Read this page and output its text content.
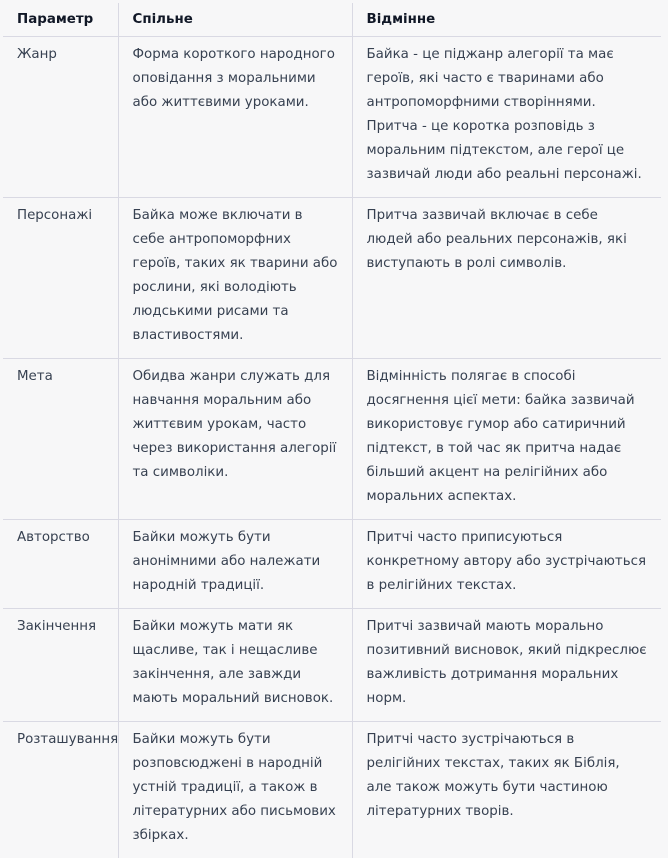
Параметр	Спільне	Відмінне
Жанр	Форма короткого народного оповідання з моральними або життєвими уроками.	Байка - це піджанр алегорії та має героїв, які часто є тваринами або антропоморфними створіннями. Притча - це коротка розповідь з моральним підтекстом, але герої це зазвичай люди або реальні персонажі.
Персонажі	Байка може включати в себе антропоморфних героїв, таких як тварини або рослини, які володіють людськими рисами та властивостями.	Притча зазвичай включає в себе людей або реальних персонажів, які виступають в ролі символів.
Мета	Обидва жанри служать для навчання моральним або життєвим урокам, часто через використання алегорії та символіки.	Відмінність полягає в способі досягнення цієї мети: байка зазвичай використовує гумор або сатиричний підтекст, в той час як притча надає більший акцент на релігійних або моральних аспектах.
Авторство	Байки можуть бути анонімними або належати народній традиції.	Притчі часто приписуються конкретному автору або зустрічаються в релігійних текстах.
Закінчення	Байки можуть мати як щасливе, так і нещасливе закінчення, але завжди мають моральний висновок.	Притчі зазвичай мають морально позитивний висновок, який підкреслює важливість дотримання моральних норм.
Розташування	Байки можуть бути розповсюджені в народній устній традиції, а також в літературних або письмових збірках.	Притчі часто зустрічаються в релігійних текстах, таких як Біблія, але також можуть бути частиною літературних творів.
